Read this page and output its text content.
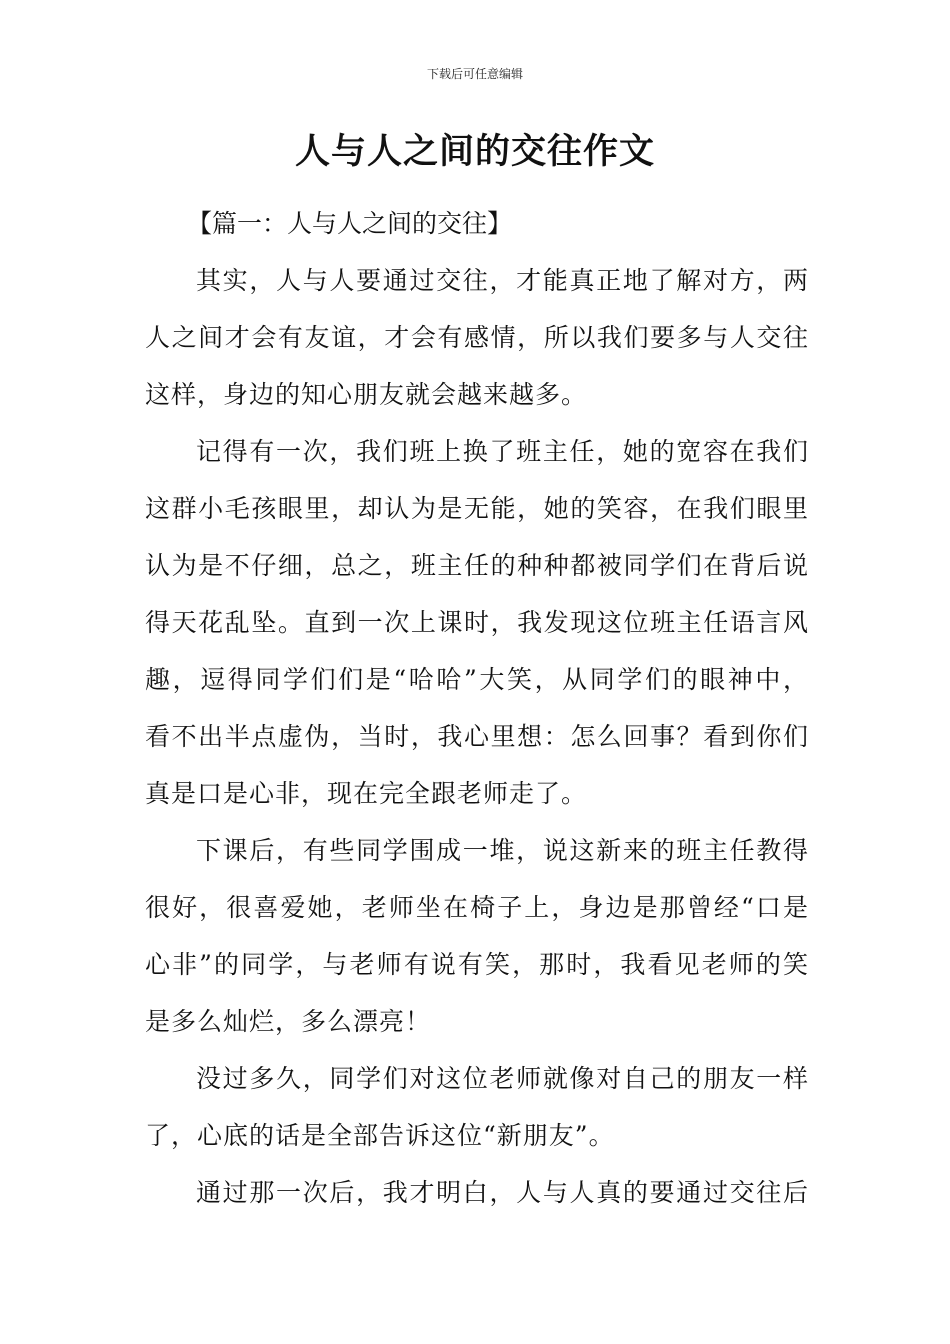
下载后可任意编辑
人与人之间的交往作文
【篇一：人与人之间的交往】

其实，人与人要通过交往，才能真正地了解对方，两
人之间才会有友谊，才会有感情，所以我们要多与人交往
这样，身边的知心朋友就会越来越多。

记得有一次，我们班上换了班主任，她的宽容在我们
这群小毛孩眼里，却认为是无能，她的笑容，在我们眼里
认为是不仔细，总之，班主任的种种都被同学们在背后说
得天花乱坠。直到一次上课时，我发现这位班主任语言风
趣，逗得同学们们是“哈哈”大笑，从同学们的眼神中，
看不出半点虚伪，当时，我心里想：怎么回事？看到你们
真是口是心非，现在完全跟老师走了。

下课后，有些同学围成一堆，说这新来的班主任教得
很好，很喜爱她，老师坐在椅子上，身边是那曾经“口是
心非”的同学，与老师有说有笑，那时，我看见老师的笑
是多么灿烂，多么漂亮！

没过多久，同学们对这位老师就像对自己的朋友一样
了，心底的话是全部告诉这位“新朋友”。

通过那一次后，我才明白，人与人真的要通过交往后
